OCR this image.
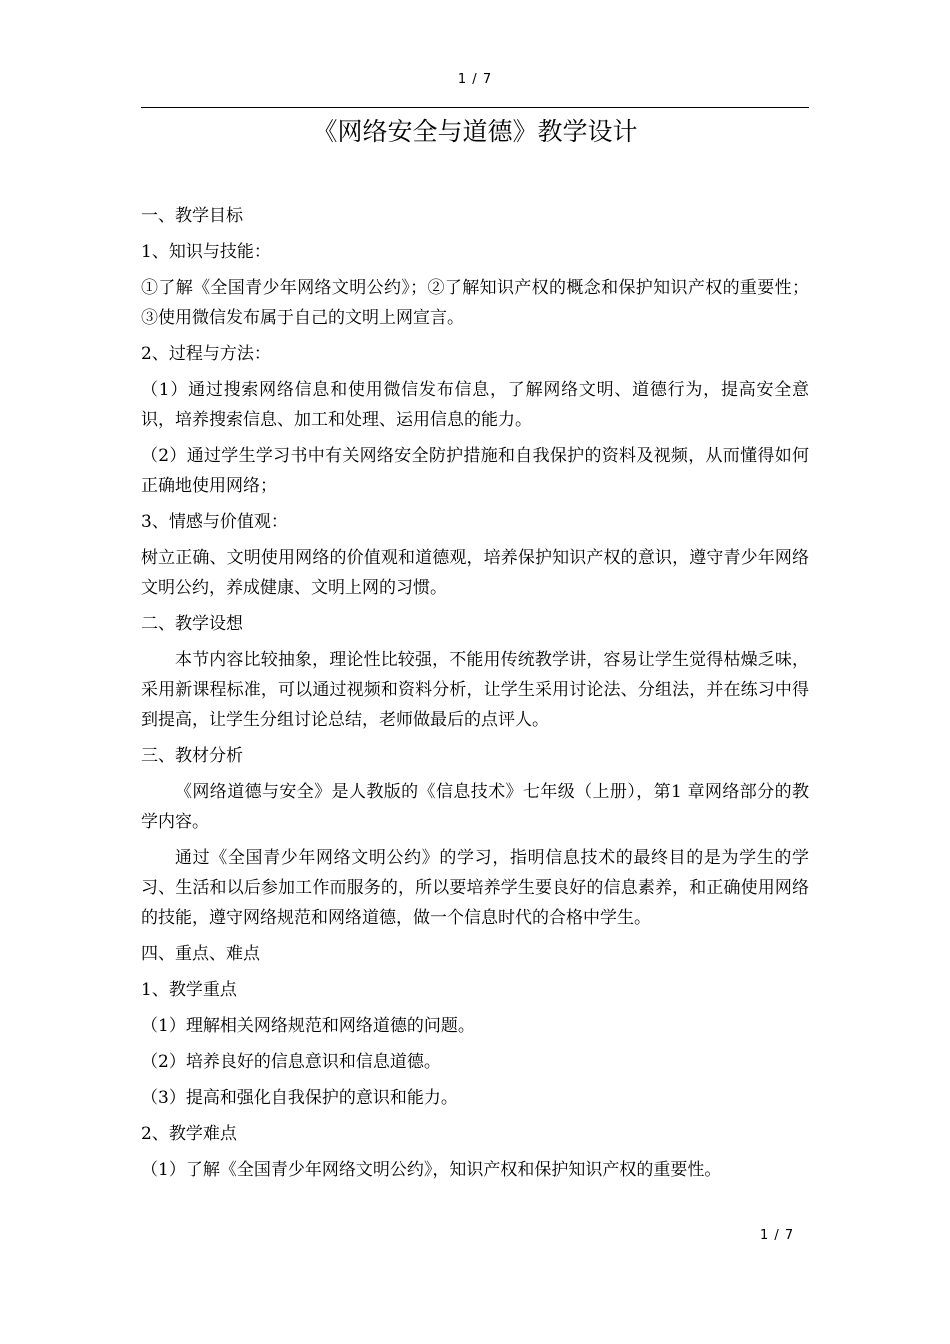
1 / 7
《网络安全与道德》教学设计

一、教学目标

1、知识与技能：

①了解《全国青少年网络文明公约》；②了解知识产权的概念和保护知识产权的重要性；③使用微信发布属于自己的文明上网宣言。

2、过程与方法：

（1）通过搜索网络信息和使用微信发布信息，了解网络文明、道德行为，提高安全意识，培养搜索信息、加工和处理、运用信息的能力。

（2）通过学生学习书中有关网络安全防护措施和自我保护的资料及视频，从而懂得如何正确地使用网络；

3、情感与价值观：

树立正确、文明使用网络的价值观和道德观，培养保护知识产权的意识，遵守青少年网络文明公约，养成健康、文明上网的习惯。

二、教学设想

本节内容比较抽象，理论性比较强，不能用传统教学讲，容易让学生觉得枯燥乏味，采用新课程标准，可以通过视频和资料分析，让学生采用讨论法、分组法，并在练习中得到提高，让学生分组讨论总结，老师做最后的点评人。

三、教材分析

《网络道德与安全》是人教版的《信息技术》七年级（上册），第1 章网络部分的教学内容。

通过《全国青少年网络文明公约》的学习，指明信息技术的最终目的是为学生的学习、生活和以后参加工作而服务的，所以要培养学生要良好的信息素养，和正确使用网络的技能，遵守网络规范和网络道德，做一个信息时代的合格中学生。

四、重点、难点

1、教学重点

（1）理解相关网络规范和网络道德的问题。

（2）培养良好的信息意识和信息道德。

（3）提高和强化自我保护的意识和能力。

2、教学难点

（1）了解《全国青少年网络文明公约》，知识产权和保护知识产权的重要性。

1 / 7
